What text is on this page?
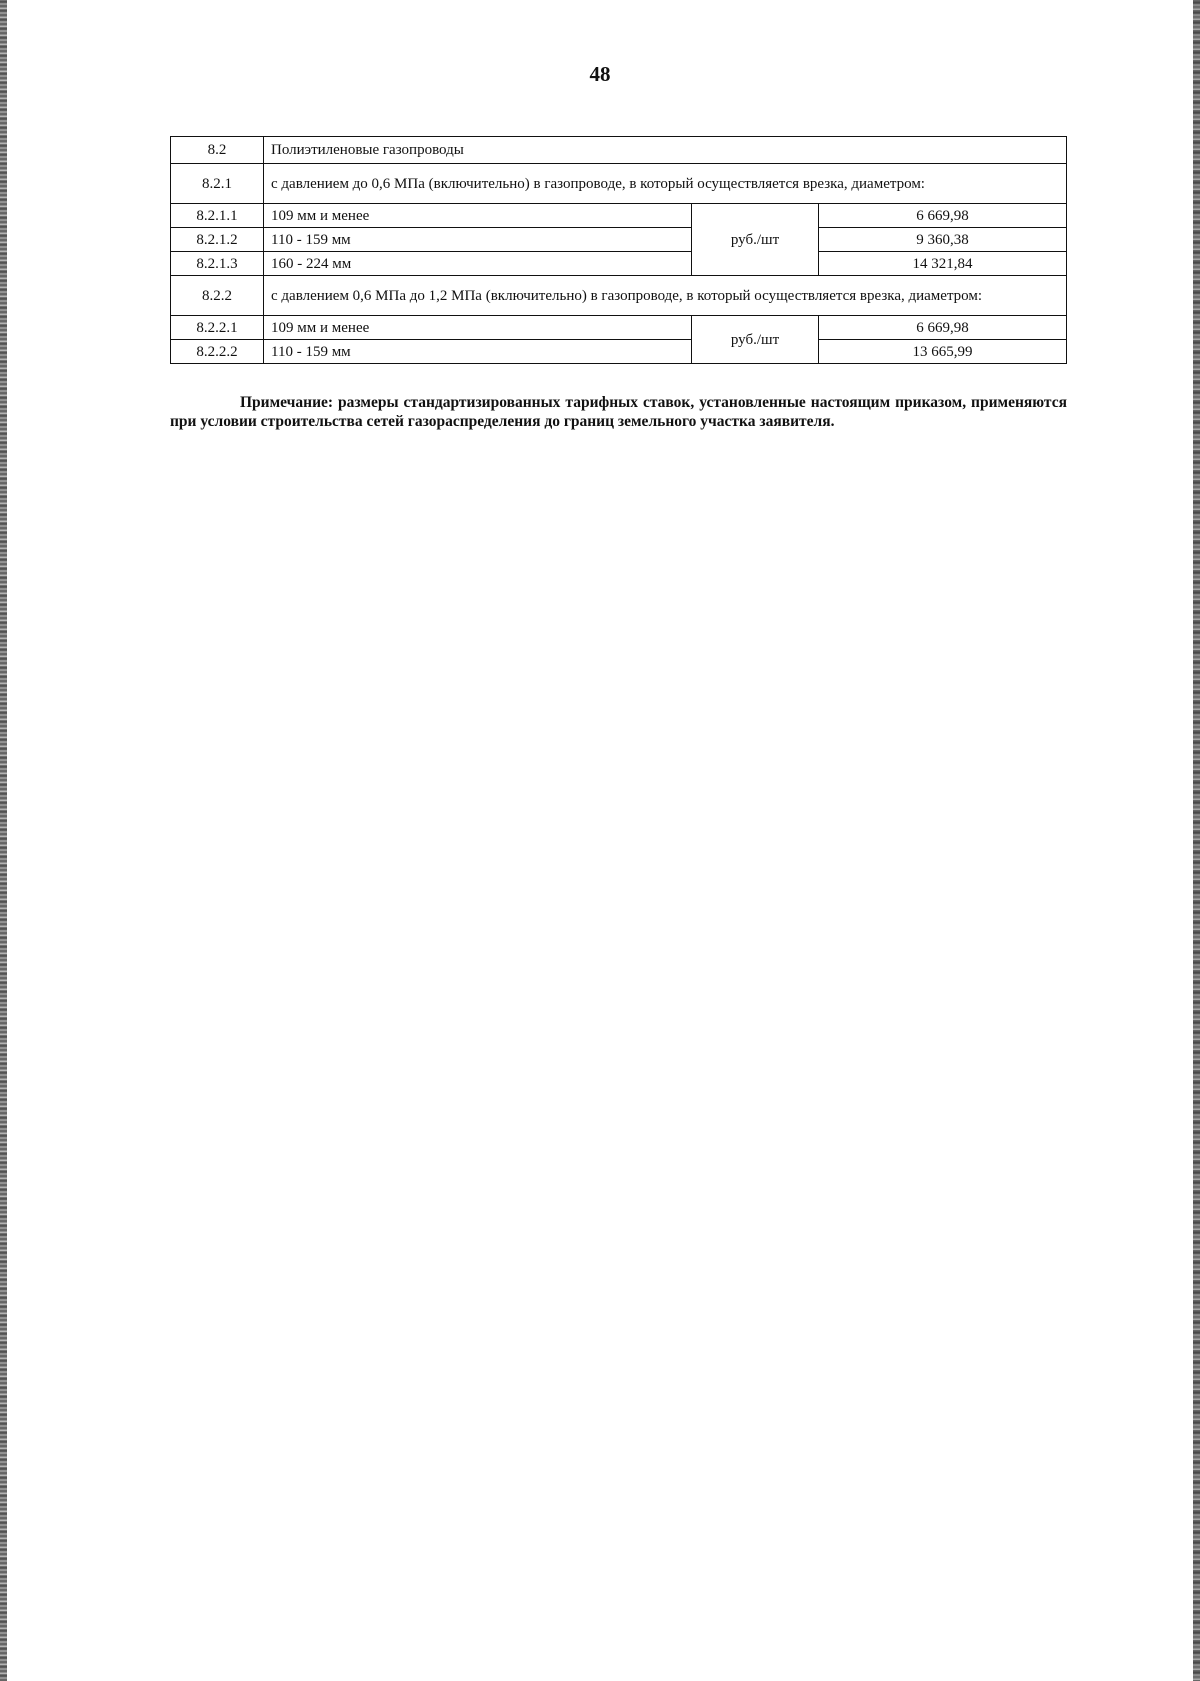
48
8.2	Полиэтиленовые газопроводы		
8.2.1	с давлением до 0,6 МПа (включительно) в газопроводе, в который осуществляется врезка, диаметром:		
8.2.1.1	109 мм и менее	руб./шт	6 669,98
8.2.1.2	110 - 159 мм		9 360,38
8.2.1.3	160 - 224 мм		14 321,84
8.2.2	с давлением 0,6 МПа до 1,2 МПа (включительно) в газопроводе, в который осуществляется врезка, диаметром:		
8.2.2.1	109 мм и менее	руб./шт	6 669,98
8.2.2.2	110 - 159 мм		13 665,99
Примечание: размеры стандартизированных тарифных ставок, установленные настоящим приказом, применяются при условии строительства сетей газораспределения до границ земельного участка заявителя.
